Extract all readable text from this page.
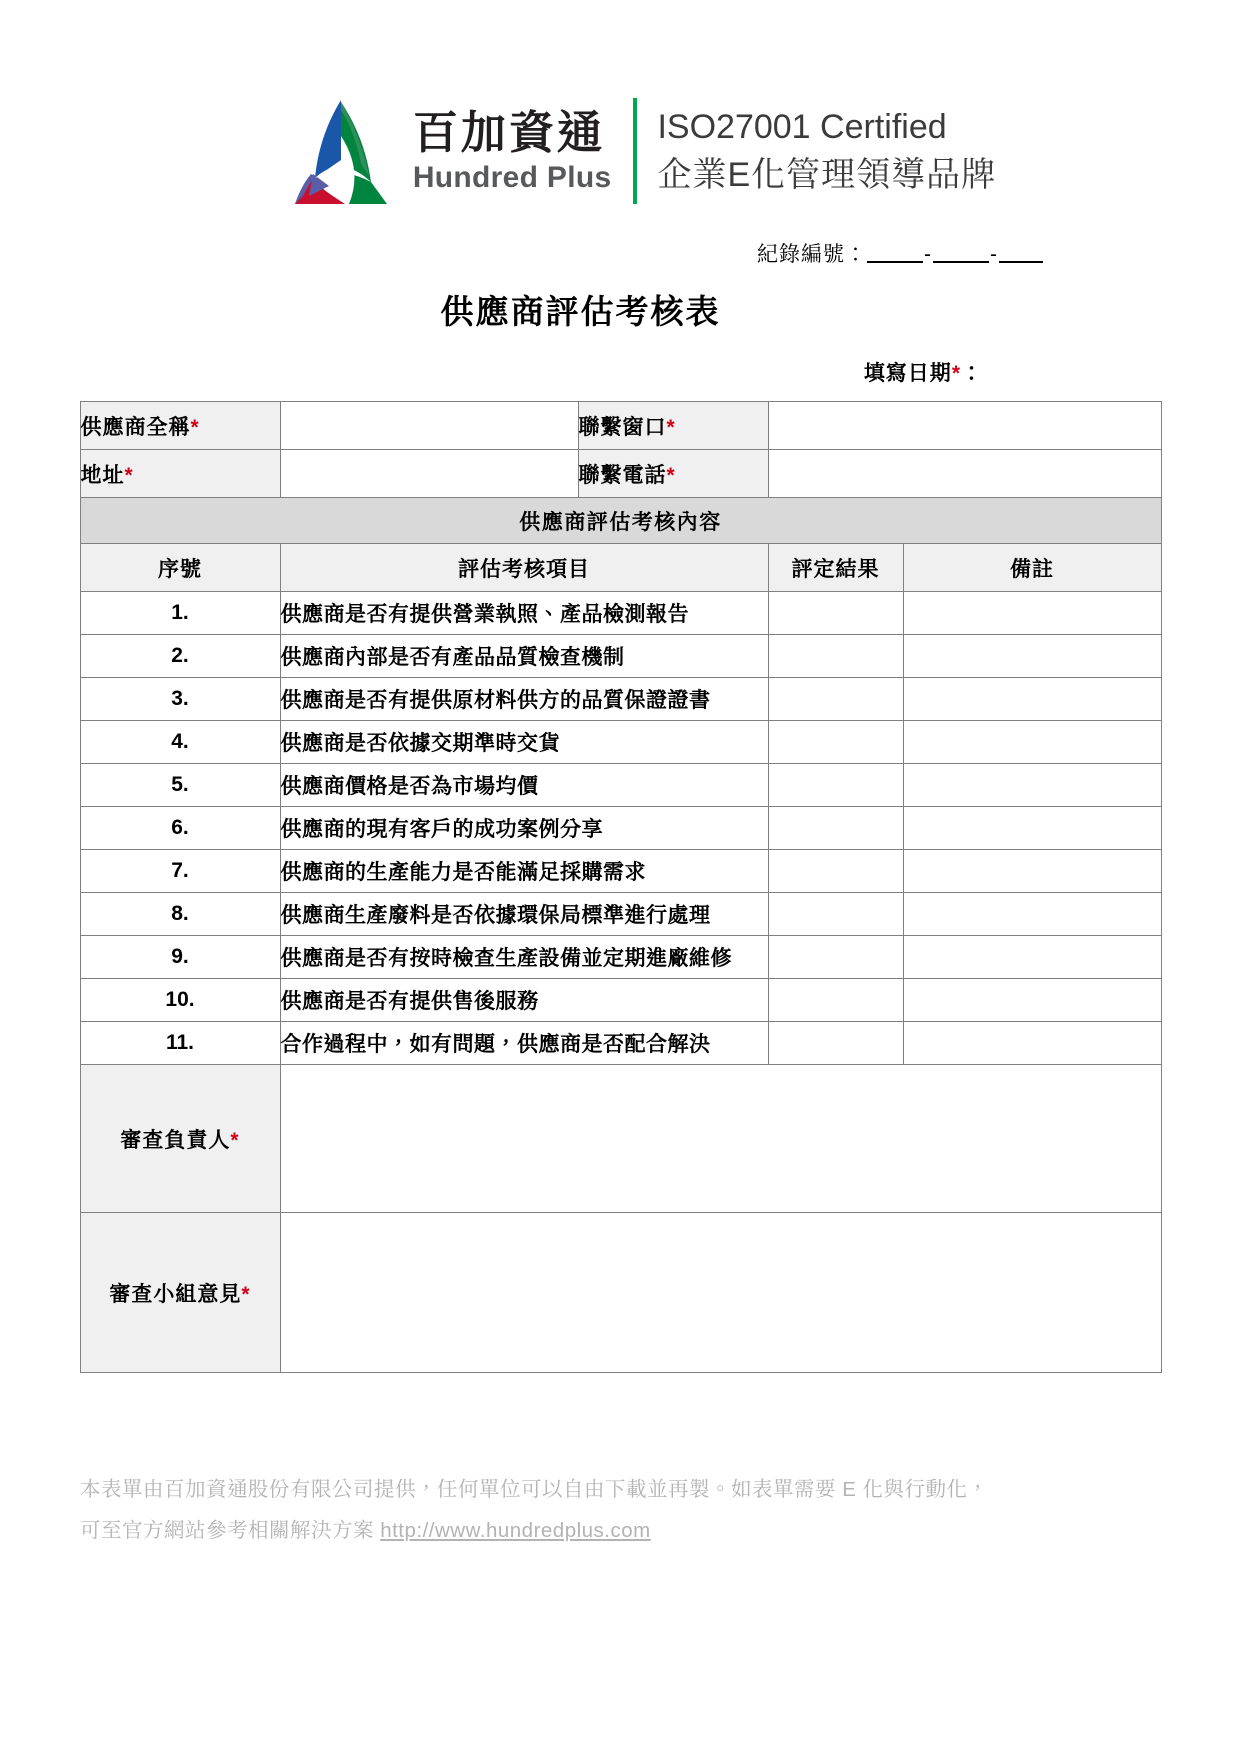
百加資通
Hundred Plus
ISO27001 Certified
企業E化管理領導品牌
紀錄編號：	-	-
供應商評估考核表
填寫日期*：
供應商全稱*		聯繫窗口*		
地址*		聯繫電話*		
供應商評估考核內容				
序號	評估考核項目		評定結果	備註
1.	供應商是否有提供營業執照、產品檢測報告			
2.	供應商內部是否有產品品質檢查機制			
3.	供應商是否有提供原材料供方的品質保證證書			
4.	供應商是否依據交期準時交貨			
5.	供應商價格是否為市場均價			
6.	供應商的現有客戶的成功案例分享			
7.	供應商的生產能力是否能滿足採購需求			
8.	供應商生產廢料是否依據環保局標準進行處理			
9.	供應商是否有按時檢查生產設備並定期進廠維修			
10.	供應商是否有提供售後服務			
11.	合作過程中，如有問題，供應商是否配合解決			
審查負責人*				
審查小組意見*				
本表單由百加資通股份有限公司提供，任何單位可以自由下載並再製。如表單需要 E 化與行動化，
可至官方網站參考相關解決方案 http://www.hundredplus.com
